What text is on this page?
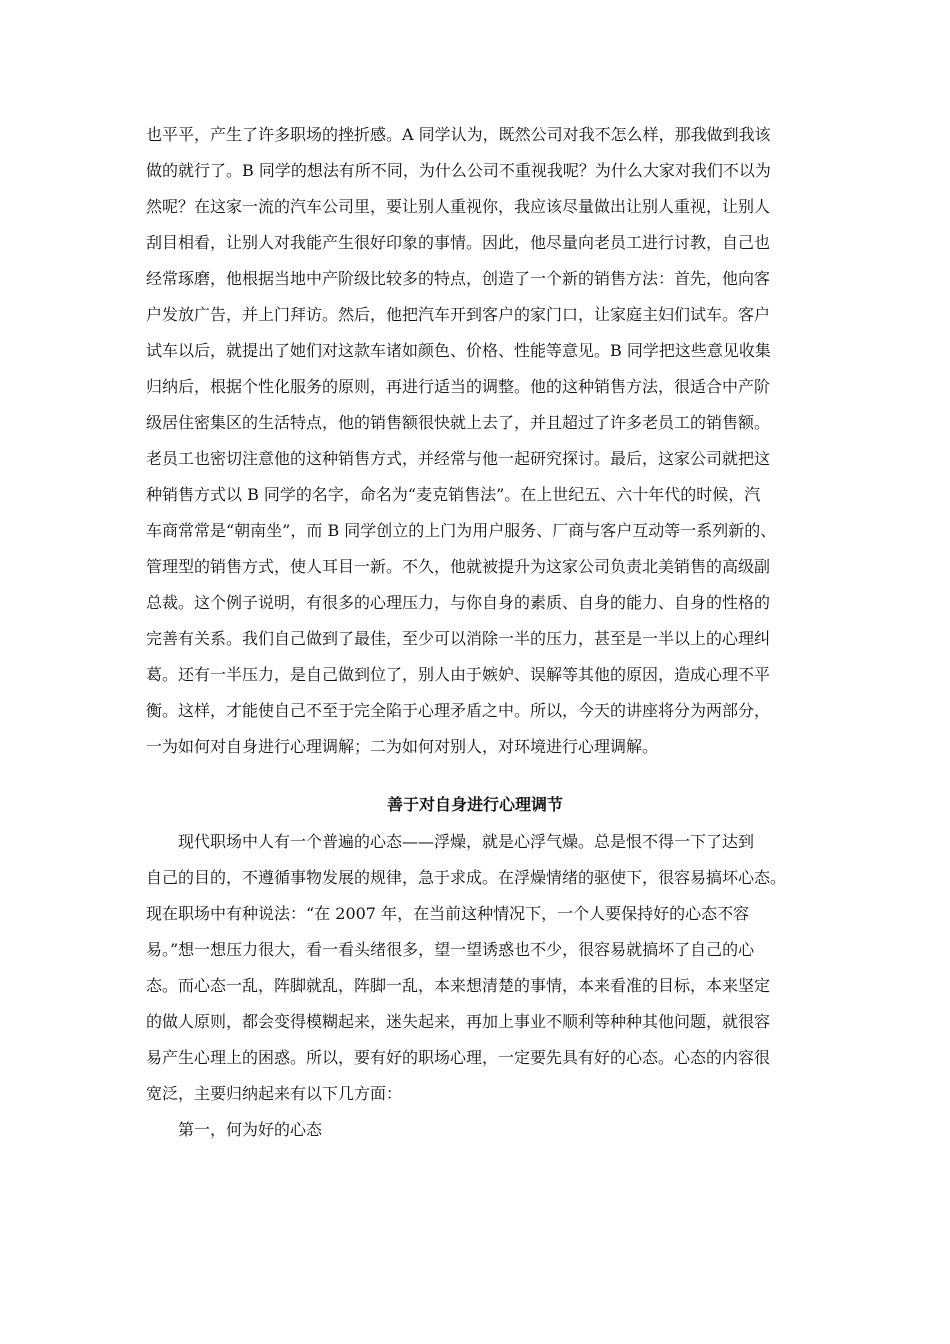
也平平，产生了许多职场的挫折感。A 同学认为，既然公司对我不怎么样，那我做到我该
做的就行了。B 同学的想法有所不同，为什么公司不重视我呢？为什么大家对我们不以为
然呢？在这家一流的汽车公司里，要让别人重视你，我应该尽量做出让别人重视，让别人
刮目相看，让别人对我能产生很好印象的事情。因此，他尽量向老员工进行讨教，自己也
经常琢磨，他根据当地中产阶级比较多的特点，创造了一个新的销售方法：首先，他向客
户发放广告，并上门拜访。然后，他把汽车开到客户的家门口，让家庭主妇们试车。客户
试车以后，就提出了她们对这款车诸如颜色、价格、性能等意见。B 同学把这些意见收集
归纳后，根据个性化服务的原则，再进行适当的调整。他的这种销售方法，很适合中产阶
级居住密集区的生活特点，他的销售额很快就上去了，并且超过了许多老员工的销售额。
老员工也密切注意他的这种销售方式，并经常与他一起研究探讨。最后，这家公司就把这
种销售方式以 B 同学的名字，命名为“麦克销售法”。在上世纪五、六十年代的时候，汽
车商常常是“朝南坐”，而 B 同学创立的上门为用户服务、厂商与客户互动等一系列新的、
管理型的销售方式，使人耳目一新。不久，他就被提升为这家公司负责北美销售的高级副
总裁。这个例子说明，有很多的心理压力，与你自身的素质、自身的能力、自身的性格的
完善有关系。我们自己做到了最佳，至少可以消除一半的压力，甚至是一半以上的心理纠
葛。还有一半压力，是自己做到位了，别人由于嫉妒、误解等其他的原因，造成心理不平
衡。这样，才能使自己不至于完全陷于心理矛盾之中。所以，今天的讲座将分为两部分，
一为如何对自身进行心理调解；二为如何对别人，对环境进行心理调解。
善于对自身进行心理调节
　　现代职场中人有一个普遍的心态——浮燥，就是心浮气燥。总是恨不得一下了达到
自己的目的，不遵循事物发展的规律，急于求成。在浮燥情绪的驱使下，很容易搞坏心态。
现在职场中有种说法：“在 2007 年，在当前这种情况下，一个人要保持好的心态不容
易。”想一想压力很大，看一看头绪很多，望一望诱惑也不少，很容易就搞坏了自己的心
态。而心态一乱，阵脚就乱，阵脚一乱，本来想清楚的事情，本来看准的目标，本来坚定
的做人原则，都会变得模糊起来，迷失起来，再加上事业不顺利等种种其他问题，就很容
易产生心理上的困惑。所以，要有好的职场心理，一定要先具有好的心态。心态的内容很
宽泛，主要归纳起来有以下几方面：
　　第一，何为好的心态
